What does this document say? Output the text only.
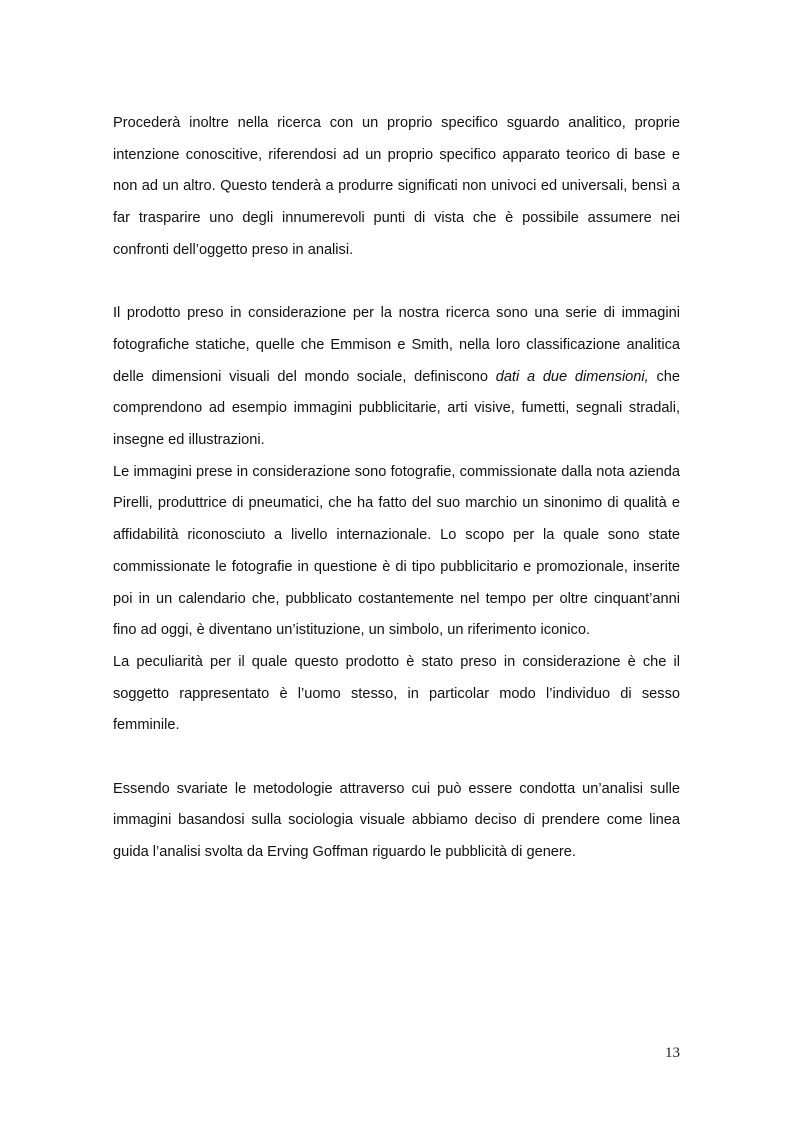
Procederà inoltre nella ricerca con un proprio specifico sguardo analitico, proprie intenzione conoscitive, riferendosi ad un proprio specifico apparato teorico di base e non ad un altro. Questo tenderà a produrre significati non univoci ed universali, bensì a far trasparire uno degli innumerevoli punti di vista che è possibile assumere nei confronti dell’oggetto preso in analisi.

Il prodotto preso in considerazione per la nostra ricerca sono una serie di immagini fotografiche statiche, quelle che Emmison e Smith, nella loro classificazione analitica delle dimensioni visuali del mondo sociale, definiscono dati a due dimensioni, che comprendono ad esempio immagini pubblicitarie, arti visive, fumetti, segnali stradali, insegne ed illustrazioni.

Le immagini prese in considerazione sono fotografie, commissionate dalla nota azienda Pirelli, produttrice di pneumatici, che ha fatto del suo marchio un sinonimo di qualità e affidabilità riconosciuto a livello internazionale. Lo scopo per la quale sono state commissionate le fotografie in questione è di tipo pubblicitario e promozionale, inserite poi in un calendario che, pubblicato costantemente nel tempo per oltre cinquant’anni fino ad oggi, è diventano un’istituzione, un simbolo, un riferimento iconico.

La peculiarità per il quale questo prodotto è stato preso in considerazione è che il soggetto rappresentato è l’uomo stesso, in particolar modo l’individuo di sesso femminile.

Essendo svariate le metodologie attraverso cui può essere condotta un’analisi sulle immagini basandosi sulla sociologia visuale abbiamo deciso di prendere come linea guida l’analisi svolta da Erving Goffman riguardo le pubblicità di genere.

13
